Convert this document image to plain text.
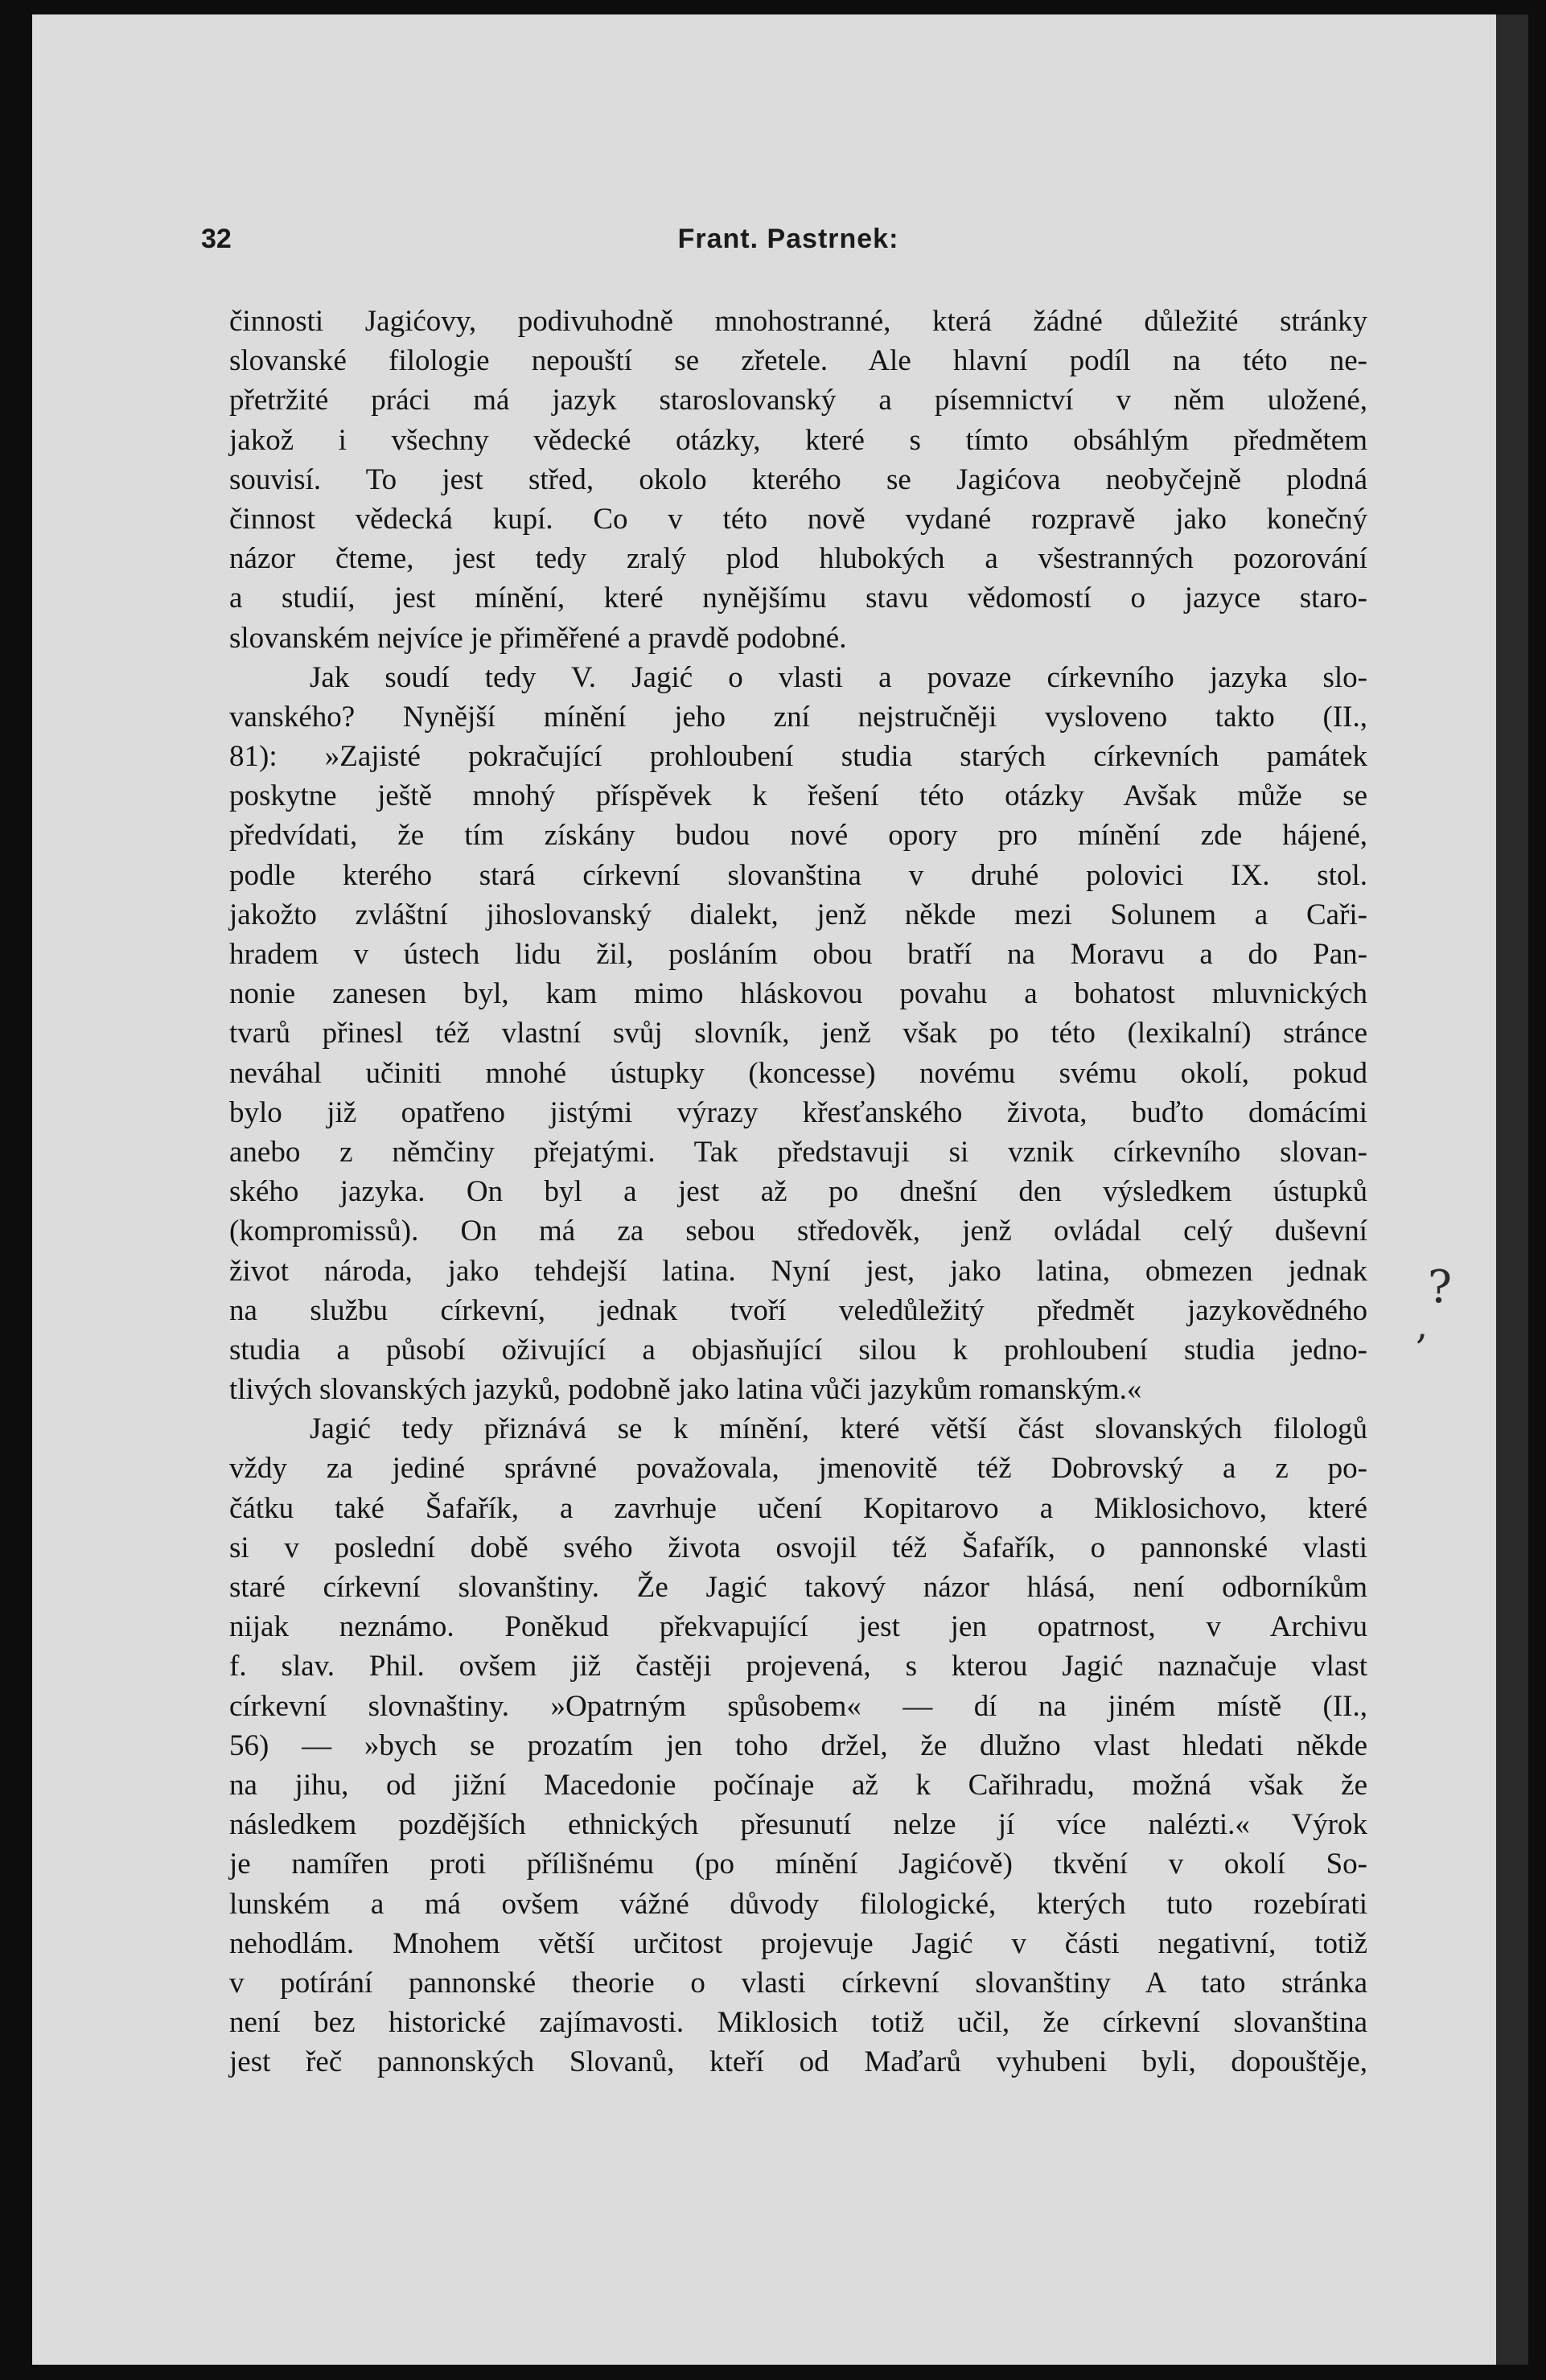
32	Frant. Pastrnek:
činnosti Jagićovy, podivuhodně mnohostranné, která žádné důležité stránky
slovanské filologie nepouští se zřetele. Ale hlavní podíl na této ne-
přetržité práci má jazyk staroslovanský a písemnictví v něm uložené,
jakož i všechny vědecké otázky, které s tímto obsáhlým předmětem
souvisí. To jest střed, okolo kterého se Jagićova neobyčejně plodná
činnost vědecká kupí. Co v této nově vydané rozpravě jako konečný
názor čteme, jest tedy zralý plod hlubokých a všestranných pozorování
a studií, jest mínění, které nynějšímu stavu vědomostí o jazyce staro-
slovanském nejvíce je přiměřené a pravdě podobné.
Jak soudí tedy V. Jagić o vlasti a povaze církevního jazyka slo-
vanského? Nynější mínění jeho zní nejstručněji vysloveno takto (II.,
81): »Zajisté pokračující prohloubení studia starých církevních památek
poskytne ještě mnohý příspěvek k řešení této otázky Avšak může se
předvídati, že tím získány budou nové opory pro mínění zde hájené,
podle kterého stará církevní slovanština v druhé polovici IX. stol.
jakožto zvláštní jihoslovanský dialekt, jenž někde mezi Solunem a Caři-
hradem v ústech lidu žil, posláním obou bratří na Moravu a do Pan-
nonie zanesen byl, kam mimo hláskovou povahu a bohatost mluvnických
tvarů přinesl též vlastní svůj slovník, jenž však po této (lexikalní) stránce
neváhal učiniti mnohé ústupky (koncesse) novému svému okolí, pokud
bylo již opatřeno jistými výrazy křesťanského života, buďto domácími
anebo z němčiny přejatými. Tak představuji si vznik církevního slovan-
ského jazyka. On byl a jest až po dnešní den výsledkem ústupků
(kompromissů). On má za sebou středověk, jenž ovládal celý duševní
život národa, jako tehdejší latina. Nyní jest, jako latina, obmezen jednak
na službu církevní, jednak tvoří veledůležitý předmět jazykovědného
studia a působí oživující a objasňující silou k prohloubení studia jedno-
tlivých slovanských jazyků, podobně jako latina vůči jazykům romanským.«
Jagić tedy přiznává se k mínění, které větší část slovanských filologů
vždy za jediné správné považovala, jmenovitě též Dobrovský a z po-
čátku také Šafařík, a zavrhuje učení Kopitarovo a Miklosichovo, které
si v poslední době svého života osvojil též Šafařík, o pannonské vlasti
staré církevní slovanštiny. Že Jagić takový názor hlásá, není odborníkům
nijak neznámo. Poněkud překvapující jest jen opatrnost, v Archivu
f. slav. Phil. ovšem již častěji projevená, s kterou Jagić naznačuje vlast
církevní slovnaštiny. »Opatrným spůsobem« — dí na jiném místě (II.,
56) — »bych se prozatím jen toho držel, že dlužno vlast hledati někde
na jihu, od jižní Macedonie počínaje až k Cařihradu, možná však že
následkem pozdějších ethnických přesunutí nelze jí více nalézti.« Výrok
je namířen proti přílišnému (po mínění Jagićově) tkvění v okolí So-
lunském a má ovšem vážné důvody filologické, kterých tuto rozebírati
nehodlám. Mnohem větší určitost projevuje Jagić v části negativní, totiž
v potírání pannonské theorie o vlasti církevní slovanštiny A tato stránka
není bez historické zajímavosti. Miklosich totiž učil, že církevní slovanština
jest řeč pannonských Slovanů, kteří od Maďarů vyhubeni byli, dopouštěje,
?
,
